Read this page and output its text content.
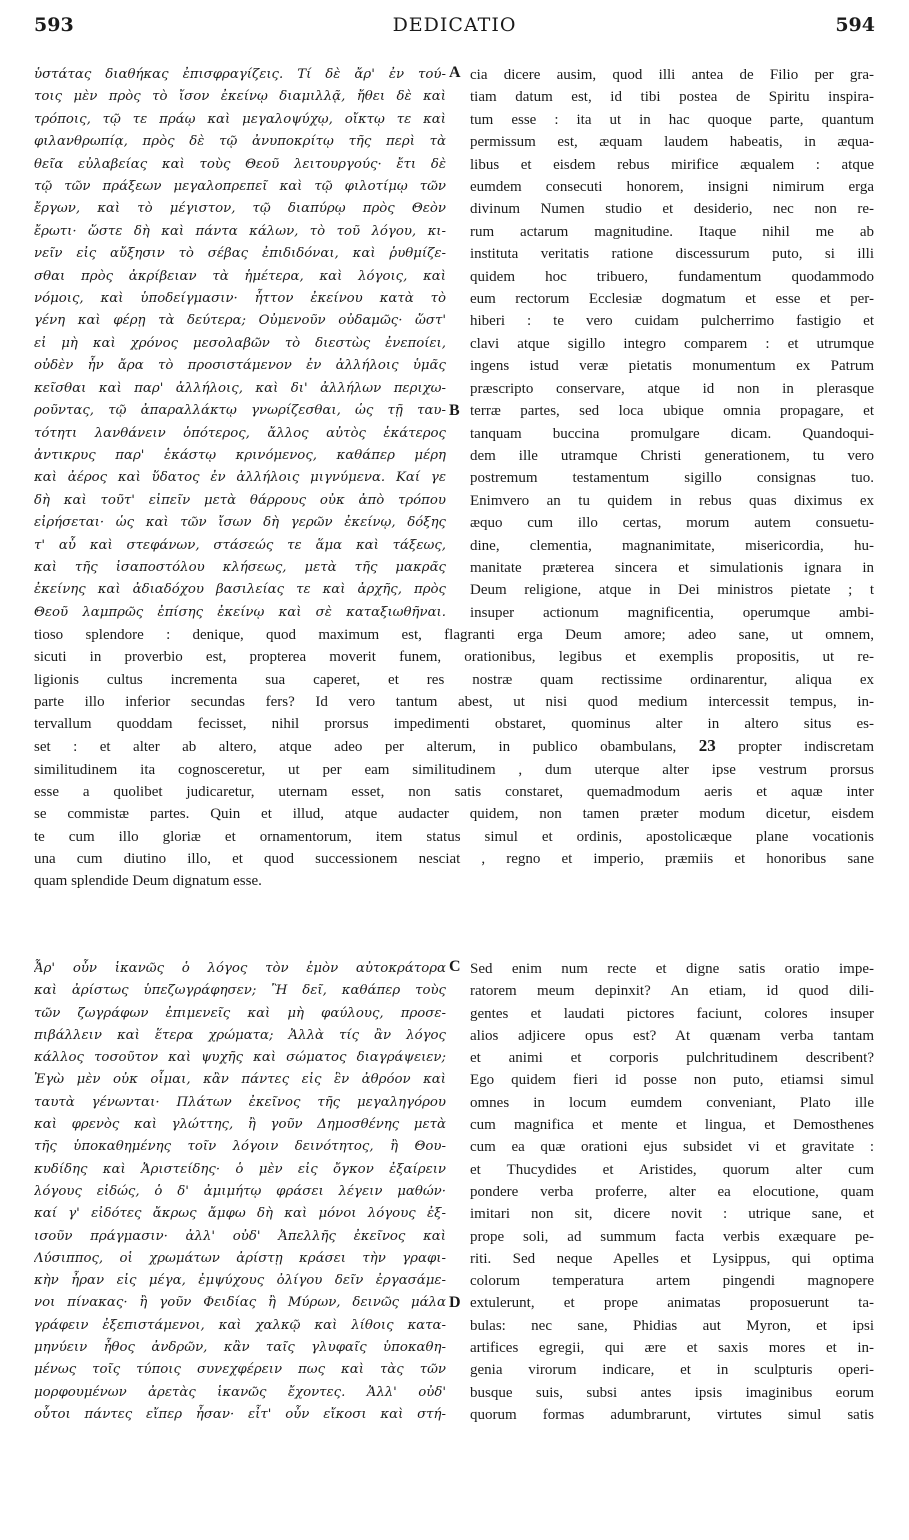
593	DEDICATIO	594
ὑστάτας διαθήκας ἐπισφραγίζεις. Τί δὲ ἄρ' ἐν τού-
τοις μὲν πρὸς τὸ ἴσον ἐκείνῳ διαμιλλᾷ, ἤθει δὲ καὶ
τρόποις, τῷ τε πράῳ καὶ μεγαλοψύχῳ, οἴκτῳ τε καὶ
φιλανθρωπίᾳ, πρὸς δὲ τῷ ἀνυποκρίτῳ τῆς περὶ τὰ
θεῖα εὐλαβείας καὶ τοὺς Θεοῦ λειτουργούς· ἔτι δὲ
τῷ τῶν πράξεων μεγαλοπρεπεῖ καὶ τῷ φιλοτίμῳ τῶν
ἔργων, καὶ τὸ μέγιστον, τῷ διαπύρῳ πρὸς Θεὸν
ἔρωτι· ὥστε δὴ καὶ πάντα κάλων, τὸ τοῦ λόγου, κι-
νεῖν εἰς αὔξησιν τὸ σέβας ἐπιδιδόναι, καὶ ῥυθμίζε-
σθαι πρὸς ἀκρίβειαν τὰ ἡμέτερα, καὶ λόγοις, καὶ
νόμοις, καὶ ὑποδείγμασιν· ἧττον ἐκείνου κατὰ τὸ
γένη καὶ φέρῃ τὰ δεύτερα; Οὐμενοῦν οὐδαμῶς· ὥστ'
εἰ μὴ καὶ χρόνος μεσολαβῶν τὸ διεστὼς ἐνεποίει,
οὐδὲν ἦν ἄρα τὸ προσιστάμενον ἐν ἀλλήλοις ὑμᾶς
κεῖσθαι καὶ παρ' ἀλλήλοις, καὶ δι' ἀλλήλων περιχω-
ροῦντας, τῷ ἀπαραλλάκτῳ γνωρίζεσθαι, ὡς τῇ ταυ-
τότητι λανθάνειν ὁπότερος, ἄλλος αὐτὸς ἑκάτερος
ἀντικρυς παρ' ἑκάστῳ κρινόμενος, καθάπερ μέρη
καὶ ἀέρος καὶ ὕδατος ἐν ἀλλήλοις μιγνύμενα. Καί γε
δὴ καὶ τοῦτ' εἰπεῖν μετὰ θάρρους οὐκ ἀπὸ τρόπου
εἰρήσεται· ὡς καὶ τῶν ἴσων δὴ γερῶν ἐκείνῳ, δόξης
τ' αὖ καὶ στεφάνων, στάσεώς τε ἅμα καὶ τάξεως,
καὶ τῆς ἰσαποστόλου κλήσεως, μετὰ τῆς μακρᾶς
ἐκείνης καὶ ἀδιαδόχου βασιλείας τε καὶ ἀρχῆς, πρὸς
Θεοῦ λαμπρῶς ἐπίσης ἐκείνῳ καὶ σὲ καταξιωθῆναι.
A
B
cia dicere ausim, quod illi antea de Filio per gra-
tiam datum est, id tibi postea de Spiritu inspira-
tum esse : ita ut in hac quoque parte, quantum
permissum est, æquam laudem habeatis, in æqua-
libus et eisdem rebus mirifice æqualem : atque
eumdem consecuti honorem, insigni nimirum erga
divinum Numen studio et desiderio, nec non re-
rum actarum magnitudine. Itaque nihil me ab
instituta veritatis ratione discessurum puto, si illi
quidem hoc tribuero, fundamentum quodammodo
eum rectorum Ecclesiæ dogmatum et esse et per-
hiberi : te vero cuidam pulcherrimo fastigio et
clavi atque sigillo integro comparem : et utrumque
ingens istud veræ pietatis monumentum ex Patrum
præscripto conservare, atque id non in plerasque
terræ partes, sed loca ubique omnia propagare, et
tanquam buccina promulgare dicam. Quandoqui-
dem ille utramque Christi generationem, tu vero
postremum testamentum sigillo consignas tuo.
Enimvero an tu quidem in rebus quas diximus ex
æquo cum illo certas, morum autem consuetu-
dine, clementia, magnanimitate, misericordia, hu-
manitate præterea sincera et simulationis ignara in
Deum religione, atque in Dei ministros pietate ; t
insuper actionum magnificentia, operumque ambi-
tioso splendore : denique, quod maximum est, flagranti erga Deum amore; adeo sane, ut omnem,
sicuti in proverbio est, propterea moverit funem, orationibus, legibus et exemplis propositis, ut re-
ligionis cultus incrementa sua caperet, et res nostræ quam rectissime ordinarentur, aliqua ex
parte illo inferior secundas fers? Id vero tantum abest, ut nisi quod medium intercessit tempus, in-
tervallum quoddam fecisset, nihil prorsus impedimenti obstaret, quominus alter in altero situs es-
set : et alter ab altero, atque adeo per alterum, in publico obambulans, 23 propter indiscretam
similitudinem ita cognosceretur, ut per eam similitudinem , dum uterque alter ipse vestrum prorsus
esse a quolibet judicaretur, uternam esset, non satis constaret, quemadmodum aeris et aquæ inter
se commistæ partes. Quin et illud, atque audacter quidem, non tamen præter modum dicetur, eisdem
te cum illo gloriæ et ornamentorum, item status simul et ordinis, apostolicæque plane vocationis
una cum diutino illo, et quod successionem nesciat , regno et imperio, præmiis et honoribus sane
quam splendide Deum dignatum esse.
Ἆρ' οὖν ἱκανῶς ὁ λόγος τὸν ἐμὸν αὐτοκράτορα
καὶ ἀρίστως ὑπεζωγράφησεν; Ἢ δεῖ, καθάπερ τοὺς
τῶν ζωγράφων ἐπιμενεῖς καὶ μὴ φαύλους, προσε-
πιβάλλειν καὶ ἕτερα χρώματα; Ἀλλὰ τίς ἂν λόγος
κάλλος τοσοῦτον καὶ ψυχῆς καὶ σώματος διαγράψειεν;
Ἐγὼ μὲν οὐκ οἶμαι, κἂν πάντες εἰς ἓν ἀθρόον καὶ
ταυτὰ γένωνται· Πλάτων ἐκεῖνος τῆς μεγαληγόρου
καὶ φρενὸς καὶ γλώττης, ἢ γοῦν Δημοσθένης μετὰ
τῆς ὑποκαθημένης τοῖν λόγοιν δεινότητος, ἢ Θου-
κυδίδης καὶ Ἀριστείδης· ὁ μὲν εἰς ὄγκον ἐξαίρειν
λόγους εἰδώς, ὁ δ' ἀμιμήτῳ φράσει λέγειν μαθών·
καί γ' εἰδότες ἄκρως ἄμφω δὴ καὶ μόνοι λόγους ἐξ-
ισοῦν πράγμασιν· ἀλλ' οὐδ' Ἀπελλῆς ἐκεῖνος καὶ
Λύσιππος, οἱ χρωμάτων ἀρίστῃ κράσει τὴν γραφι-
κὴν ἦραν εἰς μέγα, ἐμψύχους ὀλίγου δεῖν ἐργασάμε-
νοι πίνακας· ἢ γοῦν Φειδίας ἢ Μύρων, δεινῶς μάλα
γράφειν ἐξεπιστάμενοι, καὶ χαλκῷ καὶ λίθοις κατα-
μηνύειν ἦθος ἀνδρῶν, κἂν ταῖς γλυφαῖς ὑποκαθη-
μένως τοῖς τύποις συνεχφέρειν πως καὶ τὰς τῶν
μορφουμένων ἀρετὰς ἱκανῶς ἔχοντες. Ἀλλ' οὐδ'
οὗτοι πάντες εἴπερ ἦσαν· εἶτ' οὖν εἴκοσι καὶ στή-
C
D
Sed enim num recte et digne satis oratio impe-
ratorem meum depinxit? An etiam, id quod dili-
gentes et laudati pictores faciunt, colores insuper
alios adjicere opus est? At quænam verba tantam
et animi et corporis pulchritudinem describent?
Ego quidem fieri id posse non puto, etiamsi simul
omnes in locum eumdem conveniant, Plato ille
cum magnifica et mente et lingua, et Demosthenes
cum ea quæ orationi ejus subsidet vi et gravitate :
et Thucydides et Aristides, quorum alter cum
pondere verba proferre, alter ea elocutione, quam
imitari non sit, dicere novit : utrique sane, et
prope soli, ad summum facta verbis exæquare pe-
riti. Sed neque Apelles et Lysippus, qui optima
colorum temperatura artem pingendi magnopere
extulerunt, et prope animatas proposuerunt ta-
bulas: nec sane, Phidias aut Myron, et ipsi
artifices egregii, qui ære et saxis mores et in-
genia virorum indicare, et in sculpturis operi-
busque suis, subsi antes ipsis imaginibus eorum
quorum formas adumbrarunt, virtutes simul satis
